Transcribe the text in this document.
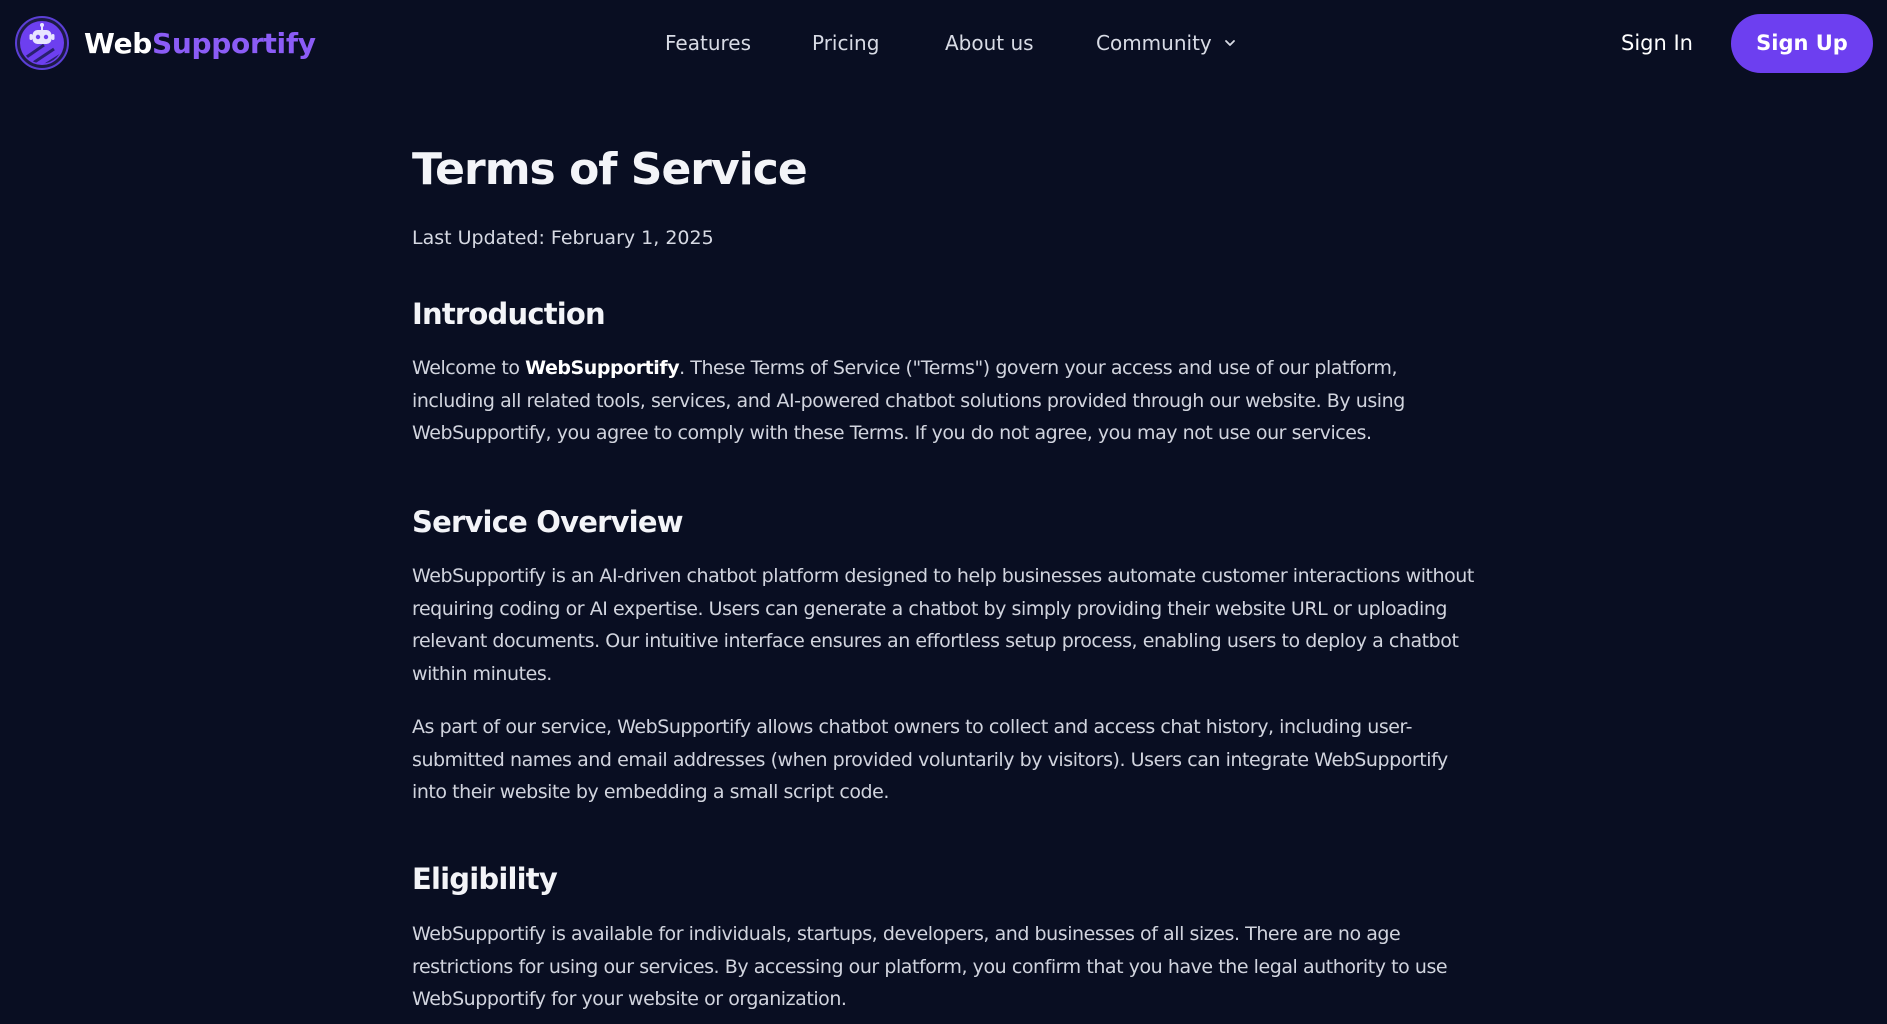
WebSupportify	Features	Pricing	About us	Community	Sign In	Sign Up
Terms of Service

Last Updated: February 1, 2025

Introduction

Welcome to WebSupportify. These Terms of Service ("Terms") govern your access and use of our platform, including all related tools, services, and AI-powered chatbot solutions provided through our website. By using WebSupportify, you agree to comply with these Terms. If you do not agree, you may not use our services.

Service Overview

WebSupportify is an AI-driven chatbot platform designed to help businesses automate customer interactions without requiring coding or AI expertise. Users can generate a chatbot by simply providing their website URL or uploading relevant documents. Our intuitive interface ensures an effortless setup process, enabling users to deploy a chatbot within minutes.

As part of our service, WebSupportify allows chatbot owners to collect and access chat history, including user-submitted names and email addresses (when provided voluntarily by visitors). Users can integrate WebSupportify into their website by embedding a small script code.

Eligibility

WebSupportify is available for individuals, startups, developers, and businesses of all sizes. There are no age restrictions for using our services. By accessing our platform, you confirm that you have the legal authority to use WebSupportify for your website or organization.
